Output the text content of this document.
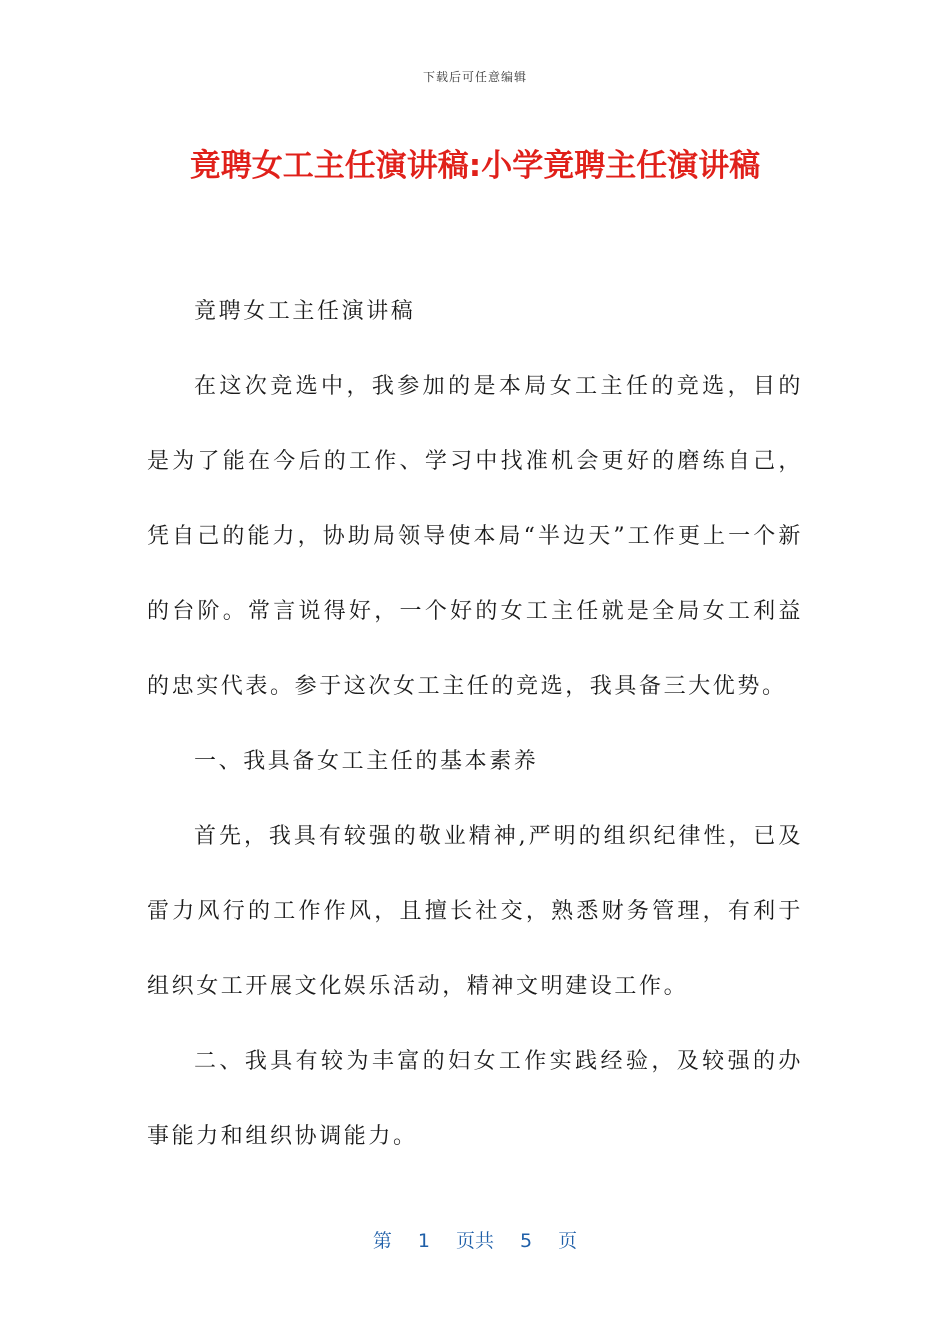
下载后可任意编辑
竟聘女工主任演讲稿:小学竟聘主任演讲稿

竟聘女工主任演讲稿

在这次竞选中，我参加的是本局女工主任的竞选，目的是为了能在今后的工作、学习中找准机会更好的磨练自己，凭自己的能力，协助局领导使本局“半边天”工作更上一个新的台阶。常言说得好，一个好的女工主任就是全局女工利益的忠实代表。参于这次女工主任的竞选，我具备三大优势。

一、我具备女工主任的基本素养

首先，我具有较强的敬业精神,严明的组织纪律性，已及雷力风行的工作作风，且擅长社交，熟悉财务管理，有利于组织女工开展文化娱乐活动，精神文明建设工作。

二、我具有较为丰富的妇女工作实践经验，及较强的办事能力和组织协调能力。

第 1 页共 5 页
